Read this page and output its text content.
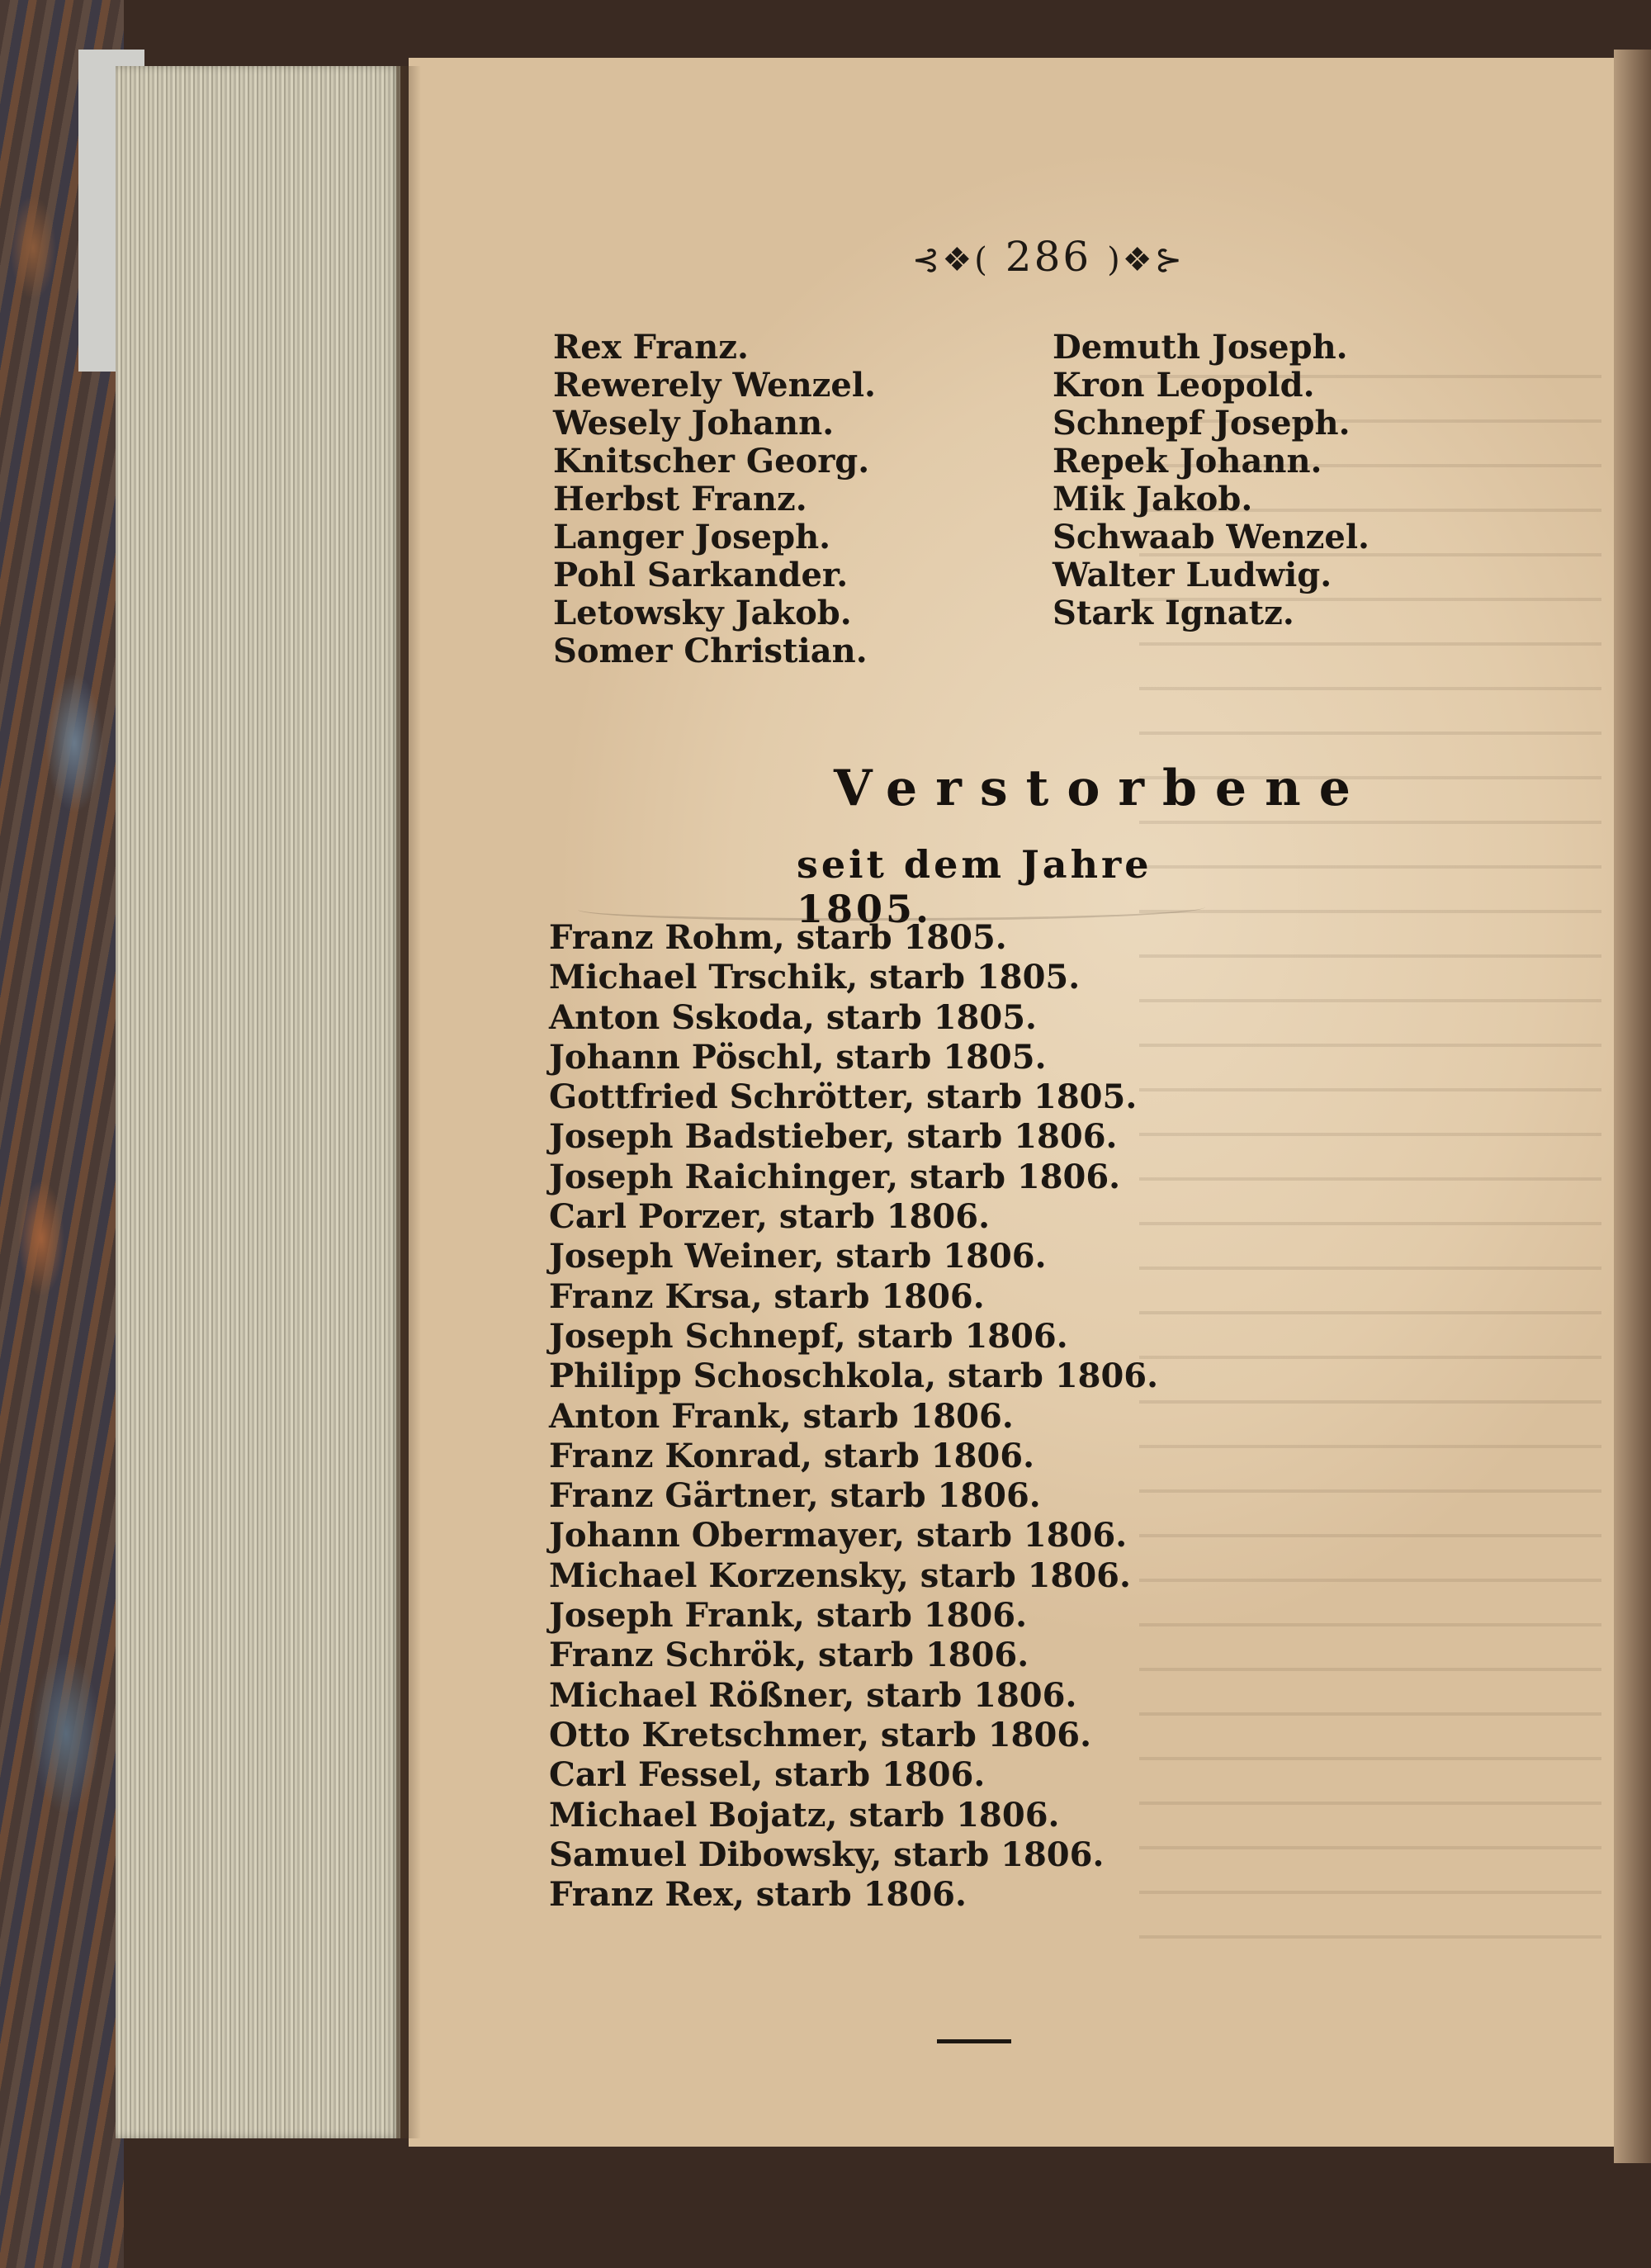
⊰❖( 286 )❖⊱
Rex Franz.
Rewerely Wenzel.
Wesely Johann.
Knitscher Georg.
Herbst Franz.
Langer Joseph.
Pohl Sarkander.
Letowsky Jakob.
Somer Christian.
Demuth Joseph.
Kron Leopold.
Schnepf Joseph.
Repek Johann.
Mik Jakob.
Schwaab Wenzel.
Walter Ludwig.
Stark Ignatz.
Verstorbene
seit dem Jahre 1805.
Franz Rohm, starb 1805.
Michael Trschik, starb 1805.
Anton Sskoda, starb 1805.
Johann Pöschl, starb 1805.
Gottfried Schrötter, starb 1805.
Joseph Badstieber, starb 1806.
Joseph Raichinger, starb 1806.
Carl Porzer, starb 1806.
Joseph Weiner, starb 1806.
Franz Krsa, starb 1806.
Joseph Schnepf, starb 1806.
Philipp Schoschkola, starb 1806.
Anton Frank, starb 1806.
Franz Konrad, starb 1806.
Franz Gärtner, starb 1806.
Johann Obermayer, starb 1806.
Michael Korzensky, starb 1806.
Joseph Frank, starb 1806.
Franz Schrök, starb 1806.
Michael Rößner, starb 1806.
Otto Kretschmer, starb 1806.
Carl Fessel, starb 1806.
Michael Bojatz, starb 1806.
Samuel Dibowsky, starb 1806.
Franz Rex, starb 1806.
